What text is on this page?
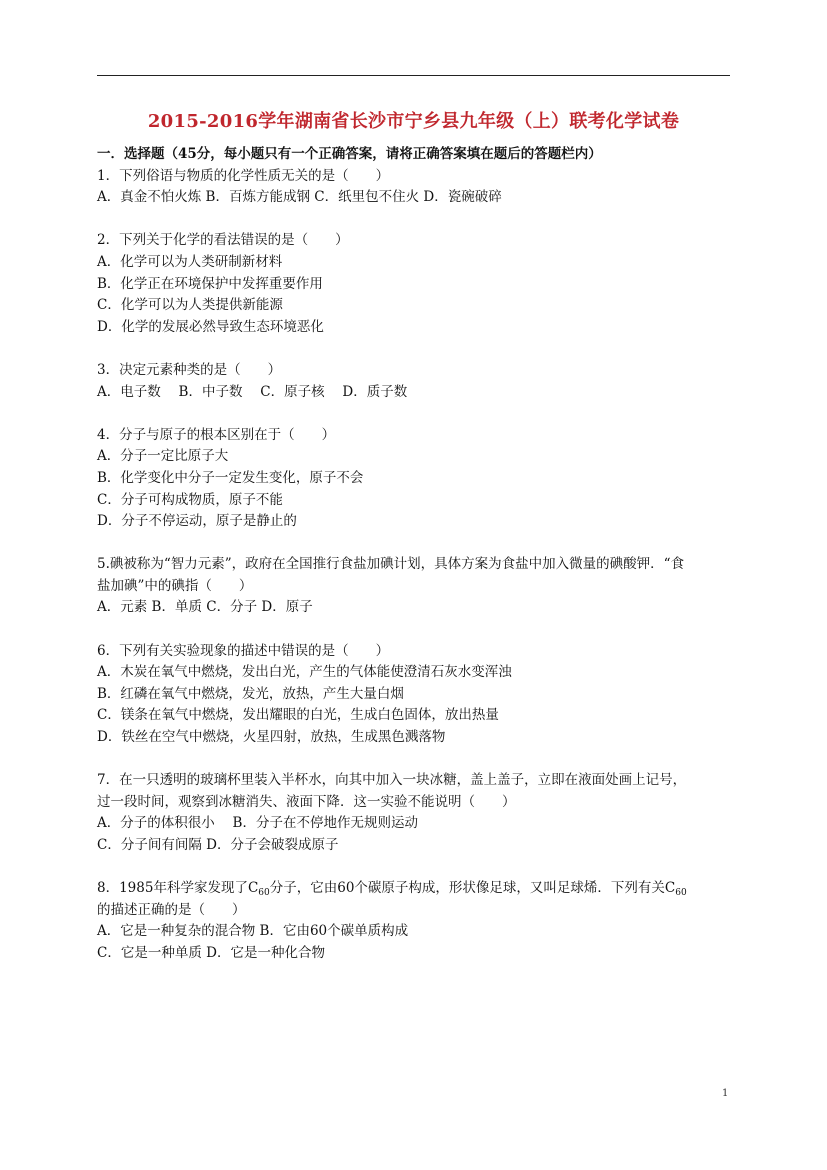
2015-2016学年湖南省长沙市宁乡县九年级（上）联考化学试卷
一．选择题（45分，每小题只有一个正确答案，请将正确答案填在题后的答题栏内）
1．下列俗语与物质的化学性质无关的是（　　）
A．真金不怕火炼 B．百炼方能成钢 C．纸里包不住火 D．瓷碗破碎
2．下列关于化学的看法错误的是（　　）
A．化学可以为人类研制新材料
B．化学正在环境保护中发挥重要作用
C．化学可以为人类提供新能源
D．化学的发展必然导致生态环境恶化
3．决定元素种类的是（　　）
A．电子数　 B．中子数　 C．原子核　 D．质子数
4．分子与原子的根本区别在于（　　）
A．分子一定比原子大
B．化学变化中分子一定发生变化，原子不会
C．分子可构成物质，原子不能
D．分子不停运动，原子是静止的
5.碘被称为“智力元素”，政府在全国推行食盐加碘计划，具体方案为食盐中加入微量的碘酸钾．“食
盐加碘”中的碘指（　　）
A．元素 B．单质 C．分子 D．原子
6．下列有关实验现象的描述中错误的是（　　）
A．木炭在氧气中燃烧，发出白光，产生的气体能使澄清石灰水变浑浊
B．红磷在氧气中燃烧，发光，放热，产生大量白烟
C．镁条在氧气中燃烧，发出耀眼的白光，生成白色固体，放出热量
D．铁丝在空气中燃烧，火星四射，放热，生成黑色溅落物
7．在一只透明的玻璃杯里装入半杯水，向其中加入一块冰糖，盖上盖子，立即在液面处画上记号，
过一段时间，观察到冰糖消失、液面下降．这一实验不能说明（　　）
A．分子的体积很小　 B．分子在不停地作无规则运动
C．分子间有间隔 D．分子会破裂成原子
8．1985年科学家发现了$C_{60}$分子，它由60个碳原子构成，形状像足球，又叫足球烯．下列有关$C_{60}$
的描述正确的是（　　）
A．它是一种复杂的混合物 B．它由60个碳单质构成
C．它是一种单质 D．它是一种化合物
1
